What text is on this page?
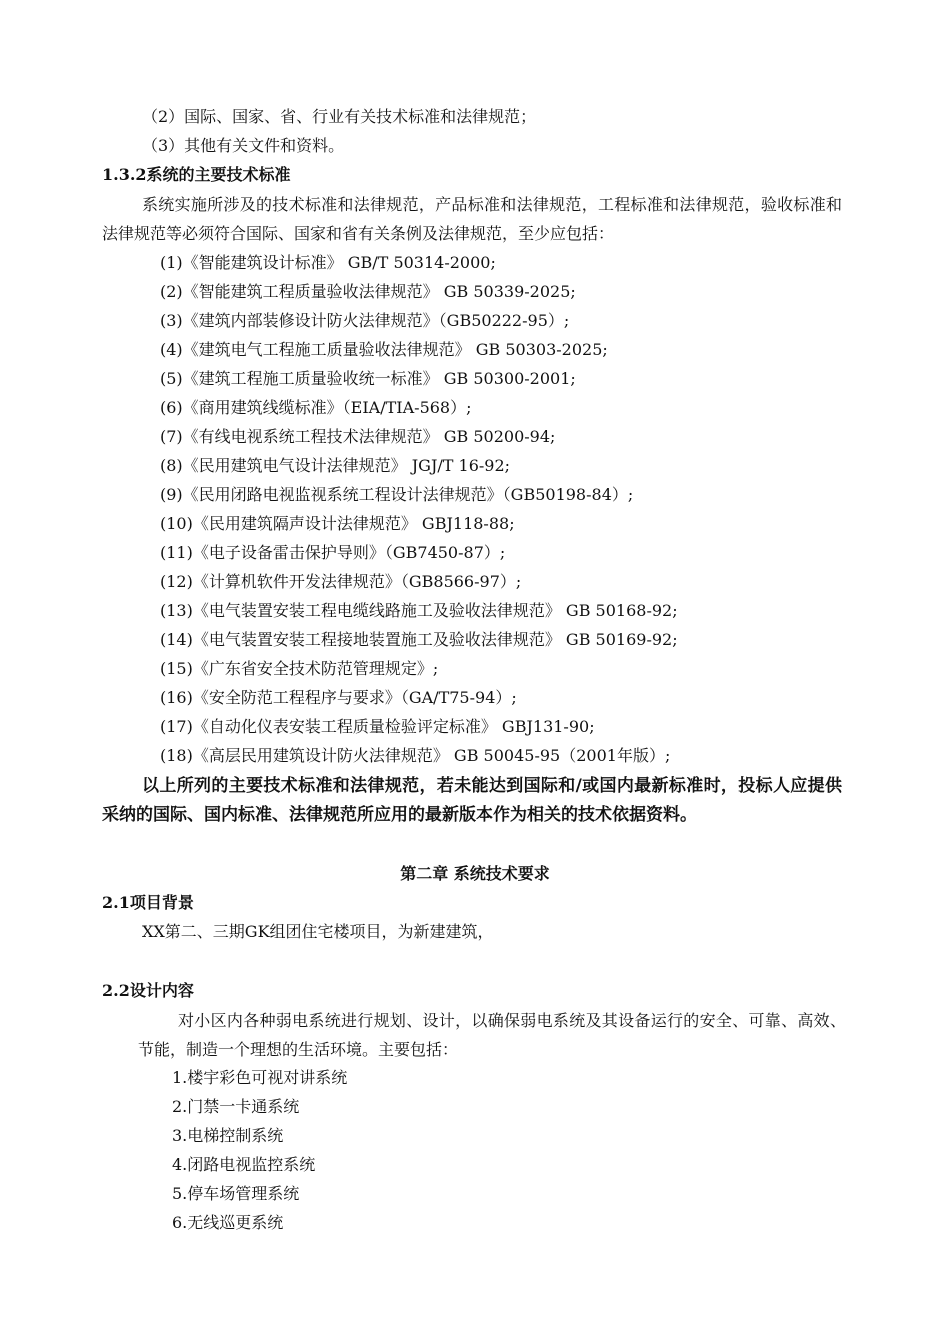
（2）国际、国家、省、行业有关技术标准和法律规范；
（3）其他有关文件和资料。
1.3.2系统的主要技术标准
系统实施所涉及的技术标准和法律规范，产品标准和法律规范，工程标准和法律规范，验收标准和法律规范等必须符合国际、国家和省有关条例及法律规范，至少应包括：
(1)《智能建筑设计标准》 GB/T 50314-2000;
(2)《智能建筑工程质量验收法律规范》 GB 50339-2025;
(3)《建筑内部装修设计防火法律规范》（GB50222-95）;
(4)《建筑电气工程施工质量验收法律规范》 GB 50303-2025;
(5)《建筑工程施工质量验收统一标准》 GB 50300-2001;
(6)《商用建筑线缆标准》（EIA/TIA-568）;
(7)《有线电视系统工程技术法律规范》 GB 50200-94;
(8)《民用建筑电气设计法律规范》 JGJ/T 16-92;
(9)《民用闭路电视监视系统工程设计法律规范》（GB50198-84）;
(10)《民用建筑隔声设计法律规范》 GBJ118-88;
(11)《电子设备雷击保护导则》（GB7450-87）;
(12)《计算机软件开发法律规范》（GB8566-97）;
(13)《电气装置安装工程电缆线路施工及验收法律规范》 GB 50168-92;
(14)《电气装置安装工程接地装置施工及验收法律规范》 GB 50169-92;
(15)《广东省安全技术防范管理规定》;
(16)《安全防范工程程序与要求》（GA/T75-94）;
(17)《自动化仪表安装工程质量检验评定标准》 GBJ131-90;
(18)《高层民用建筑设计防火法律规范》 GB 50045-95（2001年版）;
以上所列的主要技术标准和法律规范，若未能达到国际和/或国内最新标准时，投标人应提供采纳的国际、国内标准、法律规范所应用的最新版本作为相关的技术依据资料。
第二章 系统技术要求
2.1项目背景
XX第二、三期GK组团住宅楼项目，为新建建筑，
2.2设计内容
对小区内各种弱电系统进行规划、设计，以确保弱电系统及其设备运行的安全、可靠、高效、节能，制造一个理想的生活环境。主要包括：
1.楼宇彩色可视对讲系统
2.门禁一卡通系统
3.电梯控制系统
4.闭路电视监控系统
5.停车场管理系统
6.无线巡更系统
